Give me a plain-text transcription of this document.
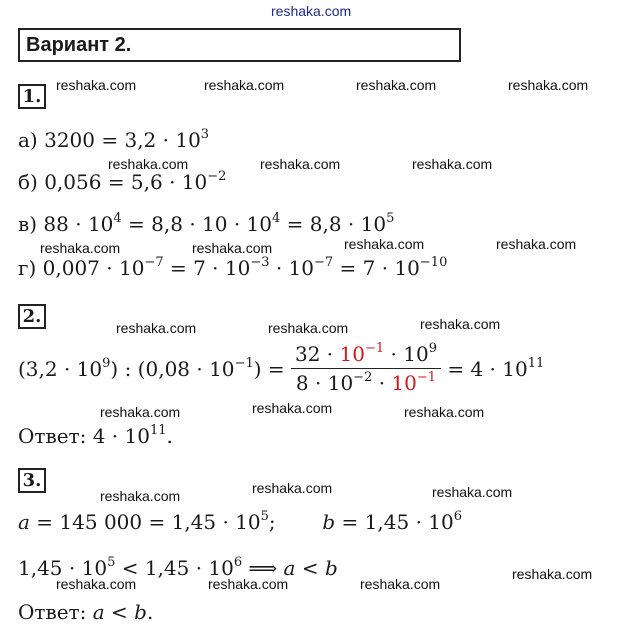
reshaka.com
Вариант 2.
1.
reshaka.com	reshaka.com	reshaka.com	reshaka.com
а) $3200 = 3,2 \cdot 10^3$
reshaka.com	reshaka.com	reshaka.com
б) $0,056 = 5,6 \cdot 10^{-2}$
в) $88 \cdot 10^4 = 8,8 \cdot 10 \cdot 10^4 = 8,8 \cdot 10^5$
reshaka.com	reshaka.com	reshaka.com	reshaka.com
г) $0,007 \cdot 10^{-7} = 7 \cdot 10^{-3} \cdot 10^{-7} = 7 \cdot 10^{-10}$
2.
reshaka.com	reshaka.com	reshaka.com
$(3,2 \cdot 10^9)$ : $(0,08 \cdot 10^{-1}) = \frac{32 \cdot 10^{-1} \cdot 10^9}{8 \cdot 10^{-2} \cdot 10^{-1}} = 4 \cdot 10^{11}$
reshaka.com	reshaka.com	reshaka.com
Ответ: $4 \cdot 10^{11}$.
3.
reshaka.com	reshaka.com	reshaka.com
a = 145 $000 = 1,45 \cdot 10^5$; $b = 1,45 \cdot 10^6$
$1,45 \cdot 10^5 < 1,45 \cdot 10^6$ ⟹ a < b
reshaka.com	reshaka.com	reshaka.com
reshaka.com
Ответ: a < b.
